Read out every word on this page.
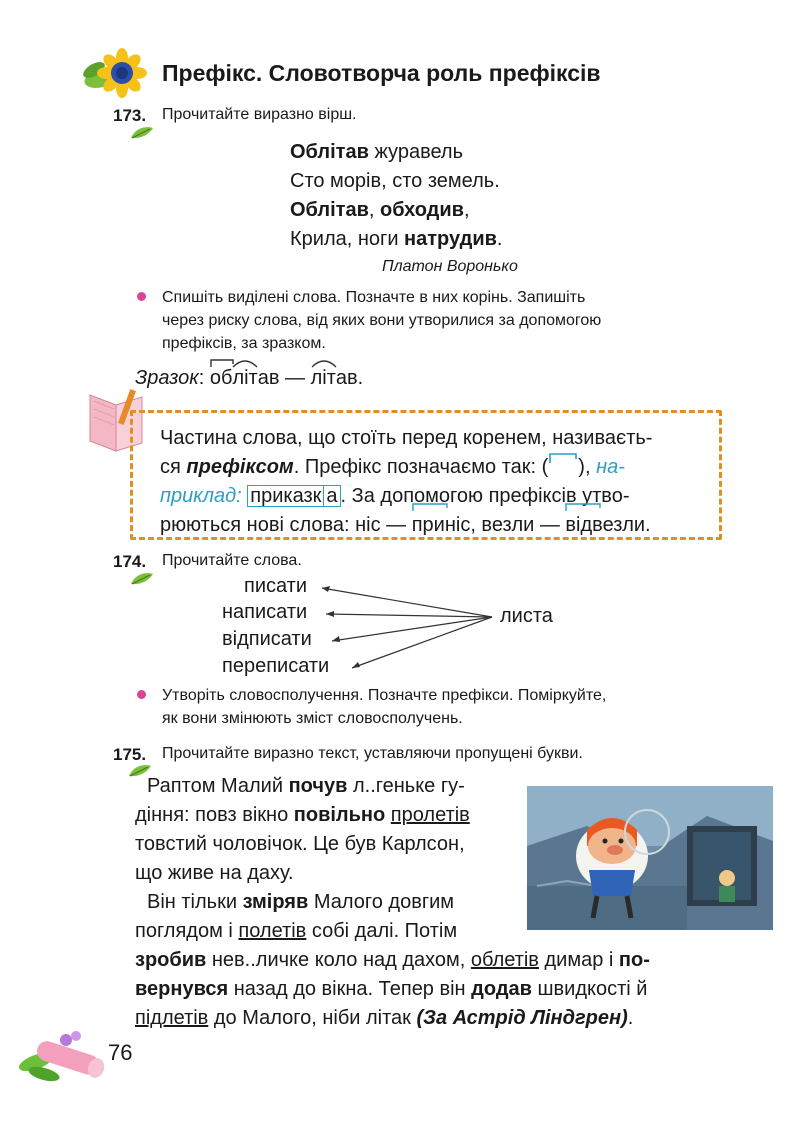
Префікс. Словотворча роль префіксів
173. Прочитайте виразно вірш.
Облітав журавель
Сто морів, сто земель.
Облітав, обходив,
Крила, ноги натрудив.
Платон Воронько
Спишіть виділені слова. Позначте в них корінь. Запишіть
через риску слова, від яких вони утворилися за допомогою
префіксів, за зразком.
Зразок:
об
літав —
літав.
Частина слова, що стоїть перед коренем, називаєть-
ся префіксом. Префікс позначаємо так: ( ), на-
приклад: приказк а . За допомогою префіксів утво-
рюються нові слова: ніс —
приніс, везли —
відвезли.
174. Прочитайте слова.
писати
написати
відписати
переписати
листа
Утворіть словосполучення. Позначте префікси. Поміркуйте,
як вони змінюють зміст словосполучень.
175. Прочитайте виразно текст, уставляючи пропущені букви.
Раптом Малий почув л..геньке гу-
діння: повз вікно повільно пролетів
товстий чоловічок. Це був Карлсон,
що живе на даху.
Він тільки зміряв Малого довгим
поглядом і полетів собі далі. Потім
зробив нев..личке коло над дахом, облетів димар і по-
вернувся назад до вікна. Тепер він додав швидкості й
підлетів до Малого, ніби літак (За Астрід Ліндгрен).
76
